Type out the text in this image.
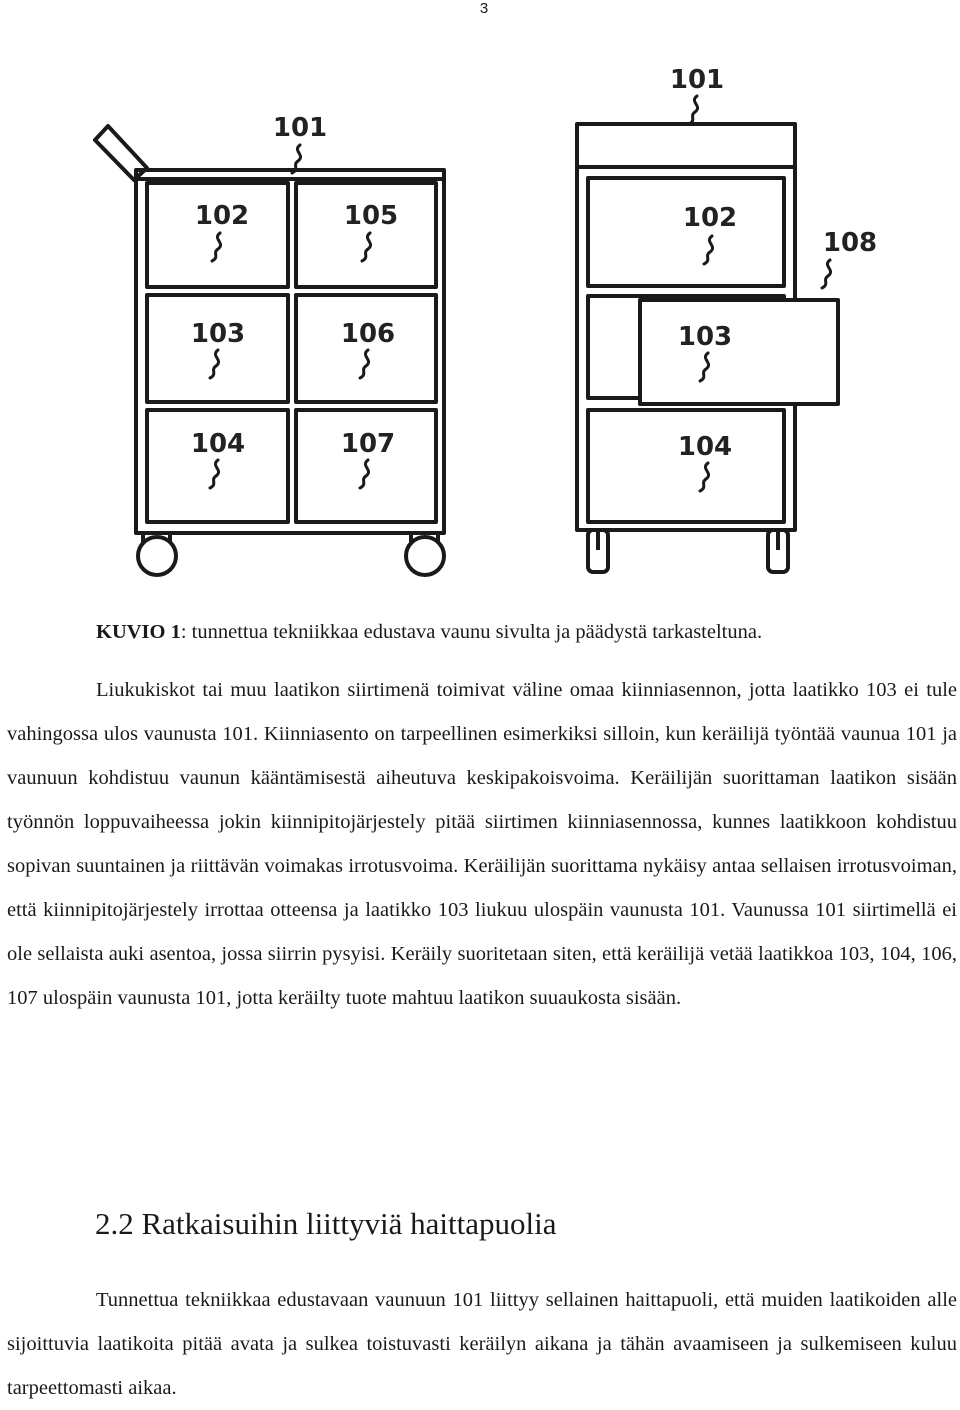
3
101
102	105
103	106
104	107
101
102
108
103
104
KUVIO 1: tunnettua tekniikkaa edustava vaunu sivulta ja päädystä tarkasteltuna.

Liukukiskot tai muu laatikon siirtimenä toimivat väline omaa kiinniasennon, jotta laatikko 103 ei tule vahingossa ulos vaunusta 101. Kiinniasento on tarpeellinen esimerkiksi silloin, kun keräilijä työntää vaunua 101 ja vaunuun kohdistuu vaunun kääntämisestä aiheutuva keskipakoisvoima. Keräilijän suorittaman laatikon sisään työnnön loppuvaiheessa jokin kiinnipitojärjestely pitää siirtimen kiinniasennossa, kunnes laatikkoon kohdistuu sopivan suuntainen ja riittävän voimakas irrotusvoima. Keräilijän suorittama nykäisy antaa sellaisen irrotusvoiman, että kiinnipitojärjestely irrottaa otteensa ja laatikko 103 liukuu ulospäin vaunusta 101. Vaunussa 101 siirtimellä ei ole sellaista auki asentoa, jossa siirrin pysyisi. Keräily suoritetaan siten, että keräilijä vetää laatikkoa 103, 104, 106, 107 ulospäin vaunusta 101, jotta keräilty tuote mahtuu laatikon suuaukosta sisään.

2.2 Ratkaisuihin liittyviä haittapuolia

Tunnettua tekniikkaa edustavaan vaunuun 101 liittyy sellainen haittapuoli, että muiden laatikoiden alle sijoittuvia laatikoita pitää avata ja sulkea toistuvasti keräilyn aikana ja tähän avaamiseen ja sulkemiseen kuluu tarpeettomasti aikaa.
